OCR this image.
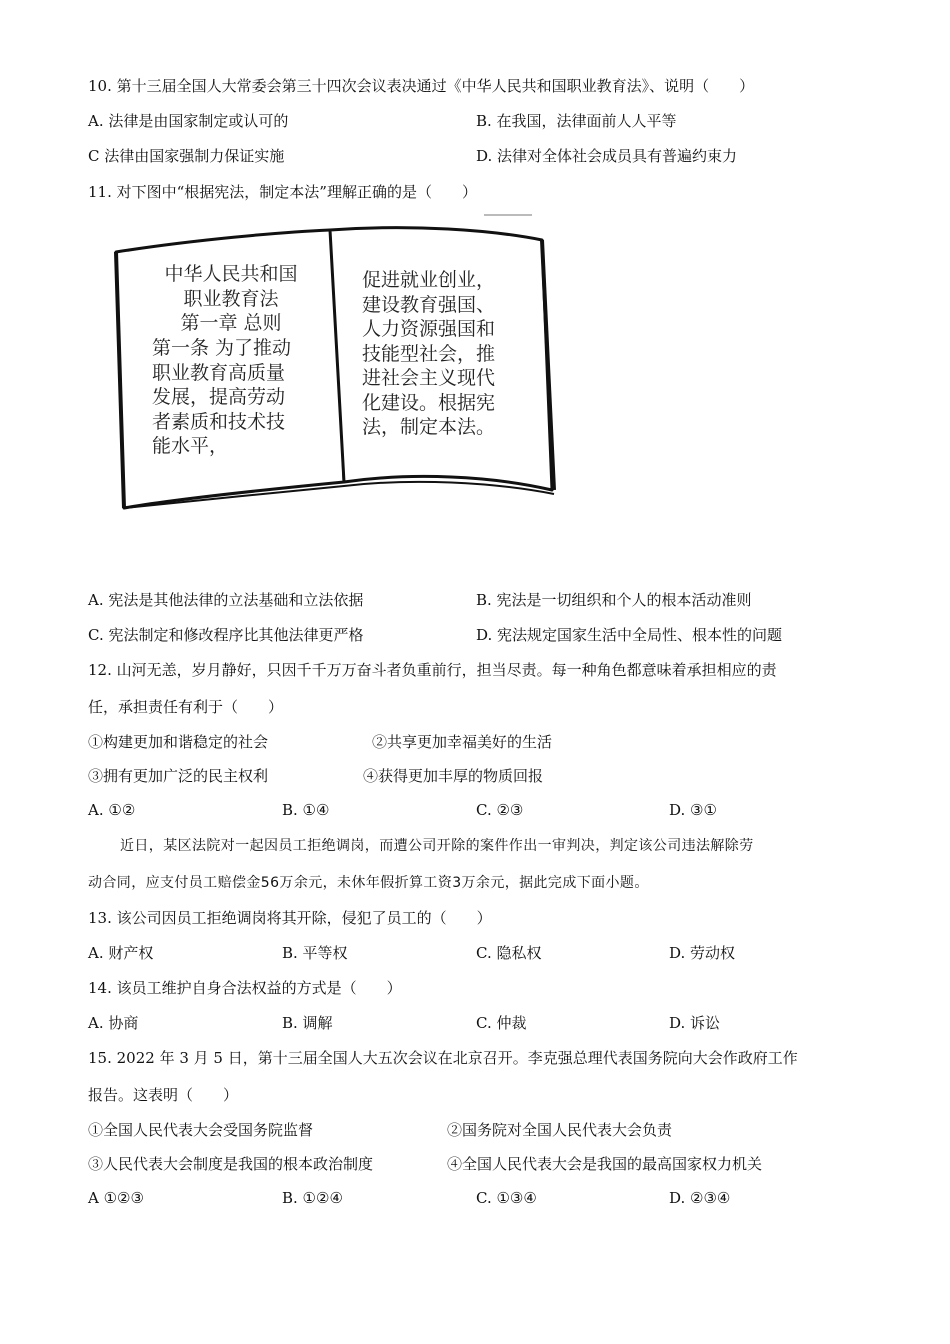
10. 第十三届全国人大常委会第三十四次会议表决通过《中华人民共和国职业教育法》、说明（　　）
A. 法律是由国家制定或认可的	B. 在我国，法律面前人人平等
C 法律由国家强制力保证实施	D. 法律对全体社会成员具有普遍约束力
11. 对下图中“根据宪法，制定本法”理解正确的是（　　）
中华人民共和国
职业教育法
第一章 总则
第一条 为了推动
职业教育高质量
发展，提高劳动
者素质和技术技
能水平，
促进就业创业，
建设教育强国、
人力资源强国和
技能型社会，推
进社会主义现代
化建设。根据宪
法，制定本法。
A. 宪法是其他法律的立法基础和立法依据	B. 宪法是一切组织和个人的根本活动准则
C. 宪法制定和修改程序比其他法律更严格	D. 宪法规定国家生活中全局性、根本性的问题
12. 山河无恙，岁月静好，只因千千万万奋斗者负重前行，担当尽责。每一种角色都意味着承担相应的责
任，承担责任有利于（　　）
①构建更加和谐稳定的社会	②共享更加幸福美好的生活
③拥有更加广泛的民主权利	④获得更加丰厚的物质回报
A. ①②	B. ①④	C. ②③	D. ③①
近日，某区法院对一起因员工拒绝调岗，而遭公司开除的案件作出一审判决，判定该公司违法解除劳
动合同，应支付员工赔偿金56万余元，未休年假折算工资3万余元，据此完成下面小题。
13. 该公司因员工拒绝调岗将其开除，侵犯了员工的（　　）
A. 财产权	B. 平等权	C. 隐私权	D. 劳动权
14. 该员工维护自身合法权益的方式是（　　）
A. 协商	B. 调解	C. 仲裁	D. 诉讼
15. 2022 年 3 月 5 日，第十三届全国人大五次会议在北京召开。李克强总理代表国务院向大会作政府工作
报告。这表明（　　）
①全国人民代表大会受国务院监督	②国务院对全国人民代表大会负责
③人民代表大会制度是我国的根本政治制度	④全国人民代表大会是我国的最高国家权力机关
A ①②③	B. ①②④	C. ①③④	D. ②③④
